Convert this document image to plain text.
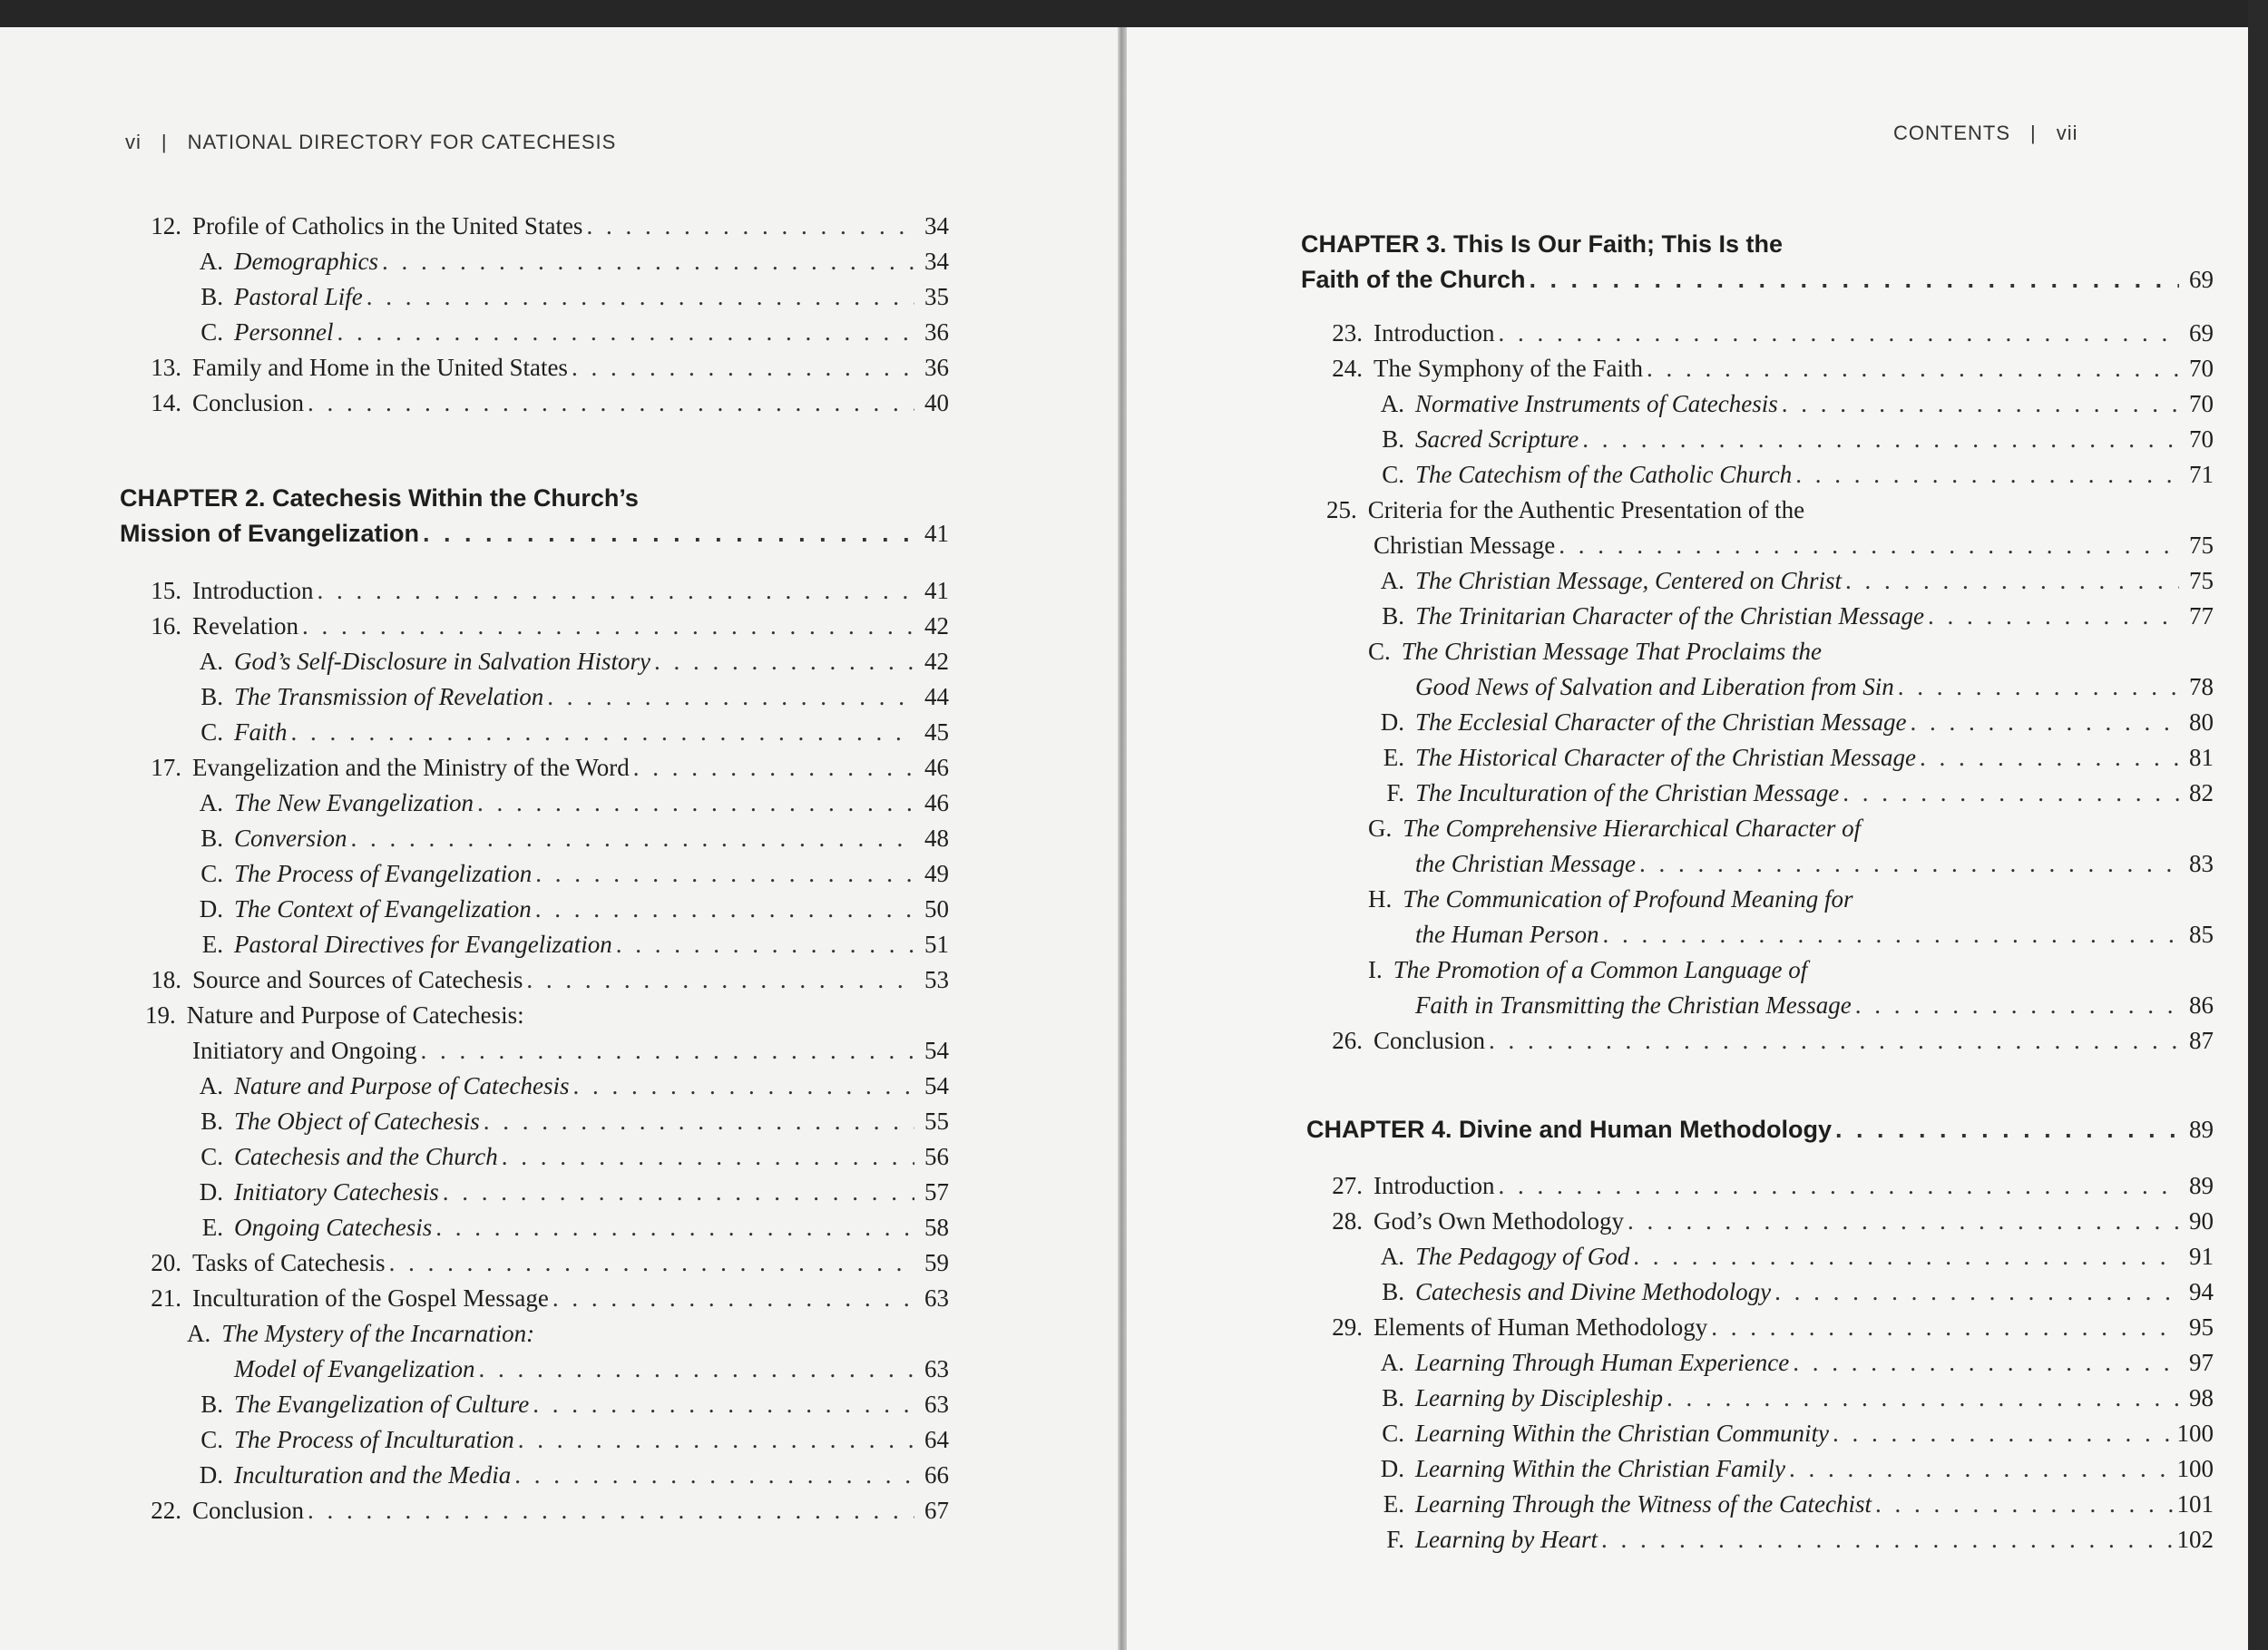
vi | NATIONAL DIRECTORY FOR CATECHESIS
12. Profile of Catholics in the United States . . .	34
A. Demographics . . .	34
B. Pastoral Life . . .	35
C. Personnel . . .	36
13. Family and Home in the United States . . .	36
14. Conclusion . . .	40
CHAPTER 2. Catechesis Within the Church’s
Mission of Evangelization . . .	41
15. Introduction . . .	41
16. Revelation . . .	42
A. God’s Self-Disclosure in Salvation History . . .	42
B. The Transmission of Revelation . . .	44
C. Faith . . .	45
17. Evangelization and the Ministry of the Word . . .	46
A. The New Evangelization . . .	46
B. Conversion . . .	48
C. The Process of Evangelization . . .	49
D. The Context of Evangelization . . .	50
E. Pastoral Directives for Evangelization . . .	51
18. Source and Sources of Catechesis . . .	53
19. Nature and Purpose of Catechesis:
Initiatory and Ongoing . . .	54
A. Nature and Purpose of Catechesis . . .	54
B. The Object of Catechesis . . .	55
C. Catechesis and the Church . . .	56
D. Initiatory Catechesis . . .	57
E. Ongoing Catechesis . . .	58
20. Tasks of Catechesis . . .	59
21. Inculturation of the Gospel Message . . .	63
A. The Mystery of the Incarnation:
Model of Evangelization . . .	63
B. The Evangelization of Culture . . .	63
C. The Process of Inculturation . . .	64
D. Inculturation and the Media . . .	66
22. Conclusion . . .	67
CONTENTS | vii
CHAPTER 3. This Is Our Faith; This Is the
Faith of the Church . . .	69
23. Introduction . . .	69
24. The Symphony of the Faith . . .	70
A. Normative Instruments of Catechesis . . .	70
B. Sacred Scripture . . .	70
C. The Catechism of the Catholic Church . . .	71
25. Criteria for the Authentic Presentation of the
Christian Message . . .	75
A. The Christian Message, Centered on Christ . . .	75
B. The Trinitarian Character of the Christian Message . . .	77
C. The Christian Message That Proclaims the
Good News of Salvation and Liberation from Sin . . .	78
D. The Ecclesial Character of the Christian Message . . .	80
E. The Historical Character of the Christian Message . . .	81
F. The Inculturation of the Christian Message . . .	82
G. The Comprehensive Hierarchical Character of
the Christian Message . . .	83
H. The Communication of Profound Meaning for
the Human Person . . .	85
I. The Promotion of a Common Language of
Faith in Transmitting the Christian Message . . .	86
26. Conclusion . . .	87
CHAPTER 4. Divine and Human Methodology . . .	89
27. Introduction . . .	89
28. God’s Own Methodology . . .	90
A. The Pedagogy of God . . .	91
B. Catechesis and Divine Methodology . . .	94
29. Elements of Human Methodology . . .	95
A. Learning Through Human Experience . . .	97
B. Learning by Discipleship . . .	98
C. Learning Within the Christian Community . . .	100
D. Learning Within the Christian Family . . .	100
E. Learning Through the Witness of the Catechist . . .	101
F. Learning by Heart . . .	102
